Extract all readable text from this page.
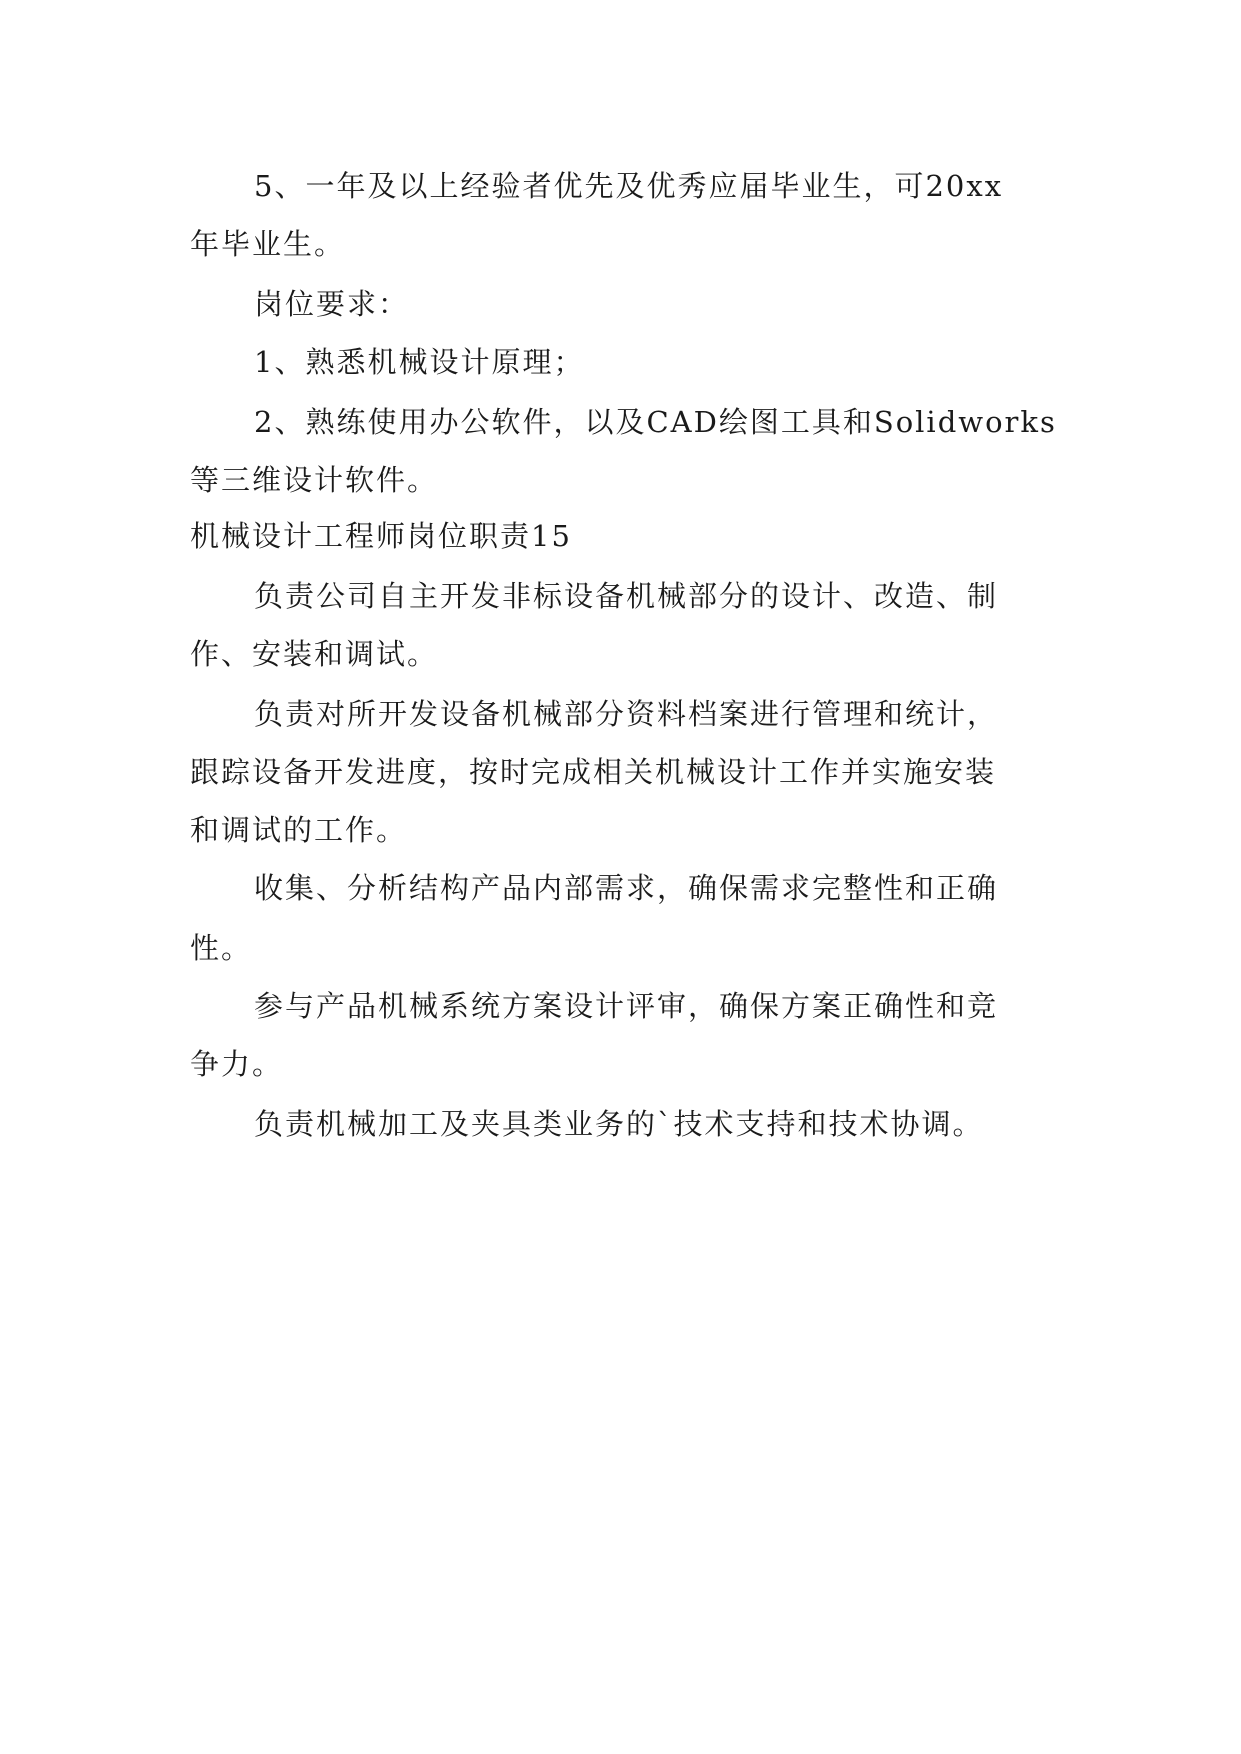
5、一年及以上经验者优先及优秀应届毕业生，可20xx
年毕业生。
岗位要求：
1、熟悉机械设计原理；
2、熟练使用办公软件，以及CAD绘图工具和Solidworks
等三维设计软件。
机械设计工程师岗位职责15
负责公司自主开发非标设备机械部分的设计、改造、制
作、安装和调试。
负责对所开发设备机械部分资料档案进行管理和统计，
跟踪设备开发进度，按时完成相关机械设计工作并实施安装
和调试的工作。
收集、分析结构产品内部需求，确保需求完整性和正确
性。
参与产品机械系统方案设计评审，确保方案正确性和竞
争力。
负责机械加工及夹具类业务的`技术支持和技术协调。
